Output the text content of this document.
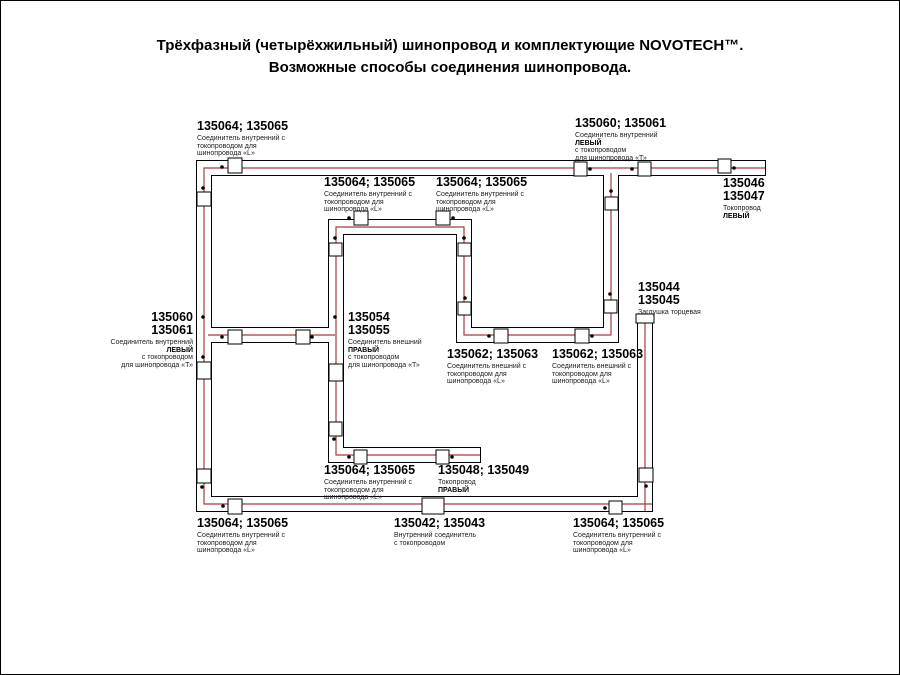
Трёхфазный (четырёхжильный) шинопровод и комплектующие NOVOTECH™.
Возможные способы соединения шинопровода.
135064; 135065
Соединитель внутренний с
токопроводом для
шинопровода «L»
135064; 135065
Соединитель внутренний с
токопроводом для
шинопровода «L»
135064; 135065
Соединитель внутренний с
токопроводом для
шинопровода «L»
135060; 135061
Соединитель внутренний
ЛЕВЫЙ
с токопроводом
для шинопровода «Т»
135046
135047
Токопровод
ЛЕВЫЙ
135060
135061
Соединитель внутренний
ЛЕВЫЙ
с токопроводом
для шинопровода «Т»
135054
135055
Соединитель внешний
ПРАВЫЙ
с токопроводом
для шинопровода «Т»
135062; 135063
Соединитель внешний с
токопроводом для
шинопровода «L»
135062; 135063
Соединитель внешний с
токопроводом для
шинопровода «L»
135044
135045
Заглушка торцевая
135064; 135065
Соединитель внутренний с
токопроводом для
шинопровода «L»
135048; 135049
Токопровод
ПРАВЫЙ
135064; 135065
Соединитель внутренний с
токопроводом для
шинопровода «L»
135042; 135043
Внутренний соединитель
с токопроводом
135064; 135065
Соединитель внутренний с
токопроводом для
шинопровода «L»
